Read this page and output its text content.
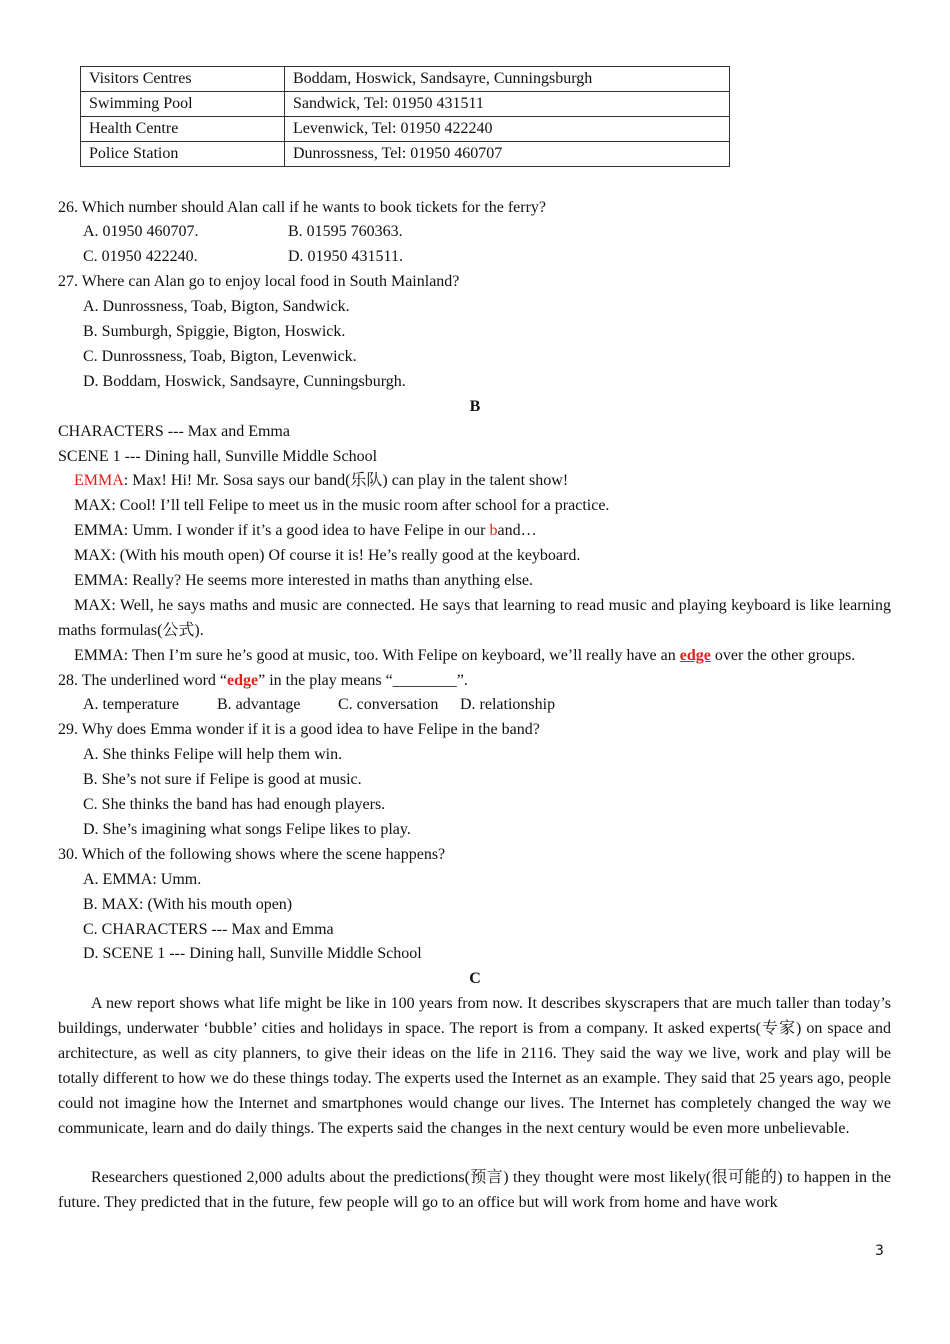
Visitors Centres	Boddam, Hoswick, Sandsayre, Cunningsburgh
Swimming Pool	Sandwick, Tel: 01950 431511
Health Centre	Levenwick, Tel: 01950 422240
Police Station	Dunrossness, Tel: 01950 460707
26. Which number should Alan call if he wants to book tickets for the ferry?
A. 01950 460707.	B. 01595 760363.
C. 01950 422240.	D. 01950 431511.
27. Where can Alan go to enjoy local food in South Mainland?
A. Dunrossness, Toab, Bigton, Sandwick.
B. Sumburgh, Spiggie, Bigton, Hoswick.
C. Dunrossness, Toab, Bigton, Levenwick.
D. Boddam, Hoswick, Sandsayre, Cunningsburgh.
B
CHARACTERS --- Max and Emma
SCENE 1 --- Dining hall, Sunville Middle School
EMMA: Max! Hi! Mr. Sosa says our band(乐队) can play in the talent show!
MAX: Cool! I’ll tell Felipe to meet us in the music room after school for a practice.
EMMA: Umm. I wonder if it’s a good idea to have Felipe in our band…
MAX: (With his mouth open) Of course it is! He’s really good at the keyboard.
EMMA: Really? He seems more interested in maths than anything else.
MAX: Well, he says maths and music are connected. He says that learning to read music and playing keyboard is like learning maths formulas(公式).
EMMA: Then I’m sure he’s good at music, too. With Felipe on keyboard, we’ll really have an edge over the other groups.
28. The underlined word “edge” in the play means “________”.
A. temperature B. advantage C. conversation D. relationship
29. Why does Emma wonder if it is a good idea to have Felipe in the band?
A. She thinks Felipe will help them win.
B. She’s not sure if Felipe is good at music.
C. She thinks the band has had enough players.
D. She’s imagining what songs Felipe likes to play.
30. Which of the following shows where the scene happens?
A. EMMA: Umm.
B. MAX: (With his mouth open)
C. CHARACTERS --- Max and Emma
D. SCENE 1 --- Dining hall, Sunville Middle School
C
A new report shows what life might be like in 100 years from now. It describes skyscrapers that are much taller than today’s buildings, underwater ‘bubble’ cities and holidays in space. The report is from a company. It asked experts(专家) on space and architecture, as well as city planners, to give their ideas on the life in 2116. They said the way we live, work and play will be totally different to how we do these things today. The experts used the Internet as an example. They said that 25 years ago, people could not imagine how the Internet and smartphones would change our lives. The Internet has completely changed the way we communicate, learn and do daily things. The experts said the changes in the next century would be even more unbelievable.
Researchers questioned 2,000 adults about the predictions(预言) they thought were most likely(很可能的) to happen in the future. They predicted that in the future, few people will go to an office but will work from home and have work
3
